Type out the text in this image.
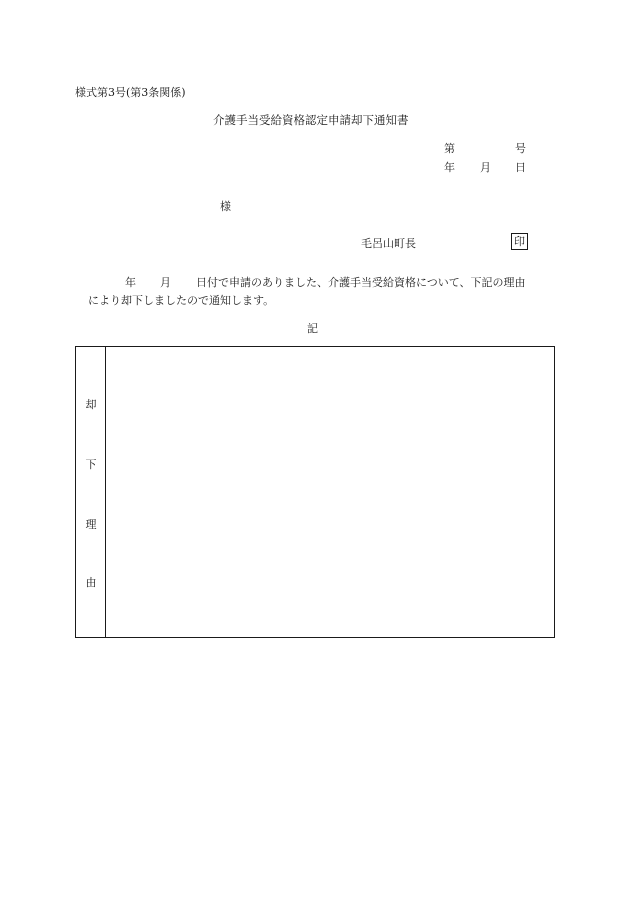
様式第3号(第3条関係)
介護手当受給資格認定申請却下通知書
第	号
年 月 日
様
毛呂山町長	印
年 月 日付で申請のありました、介護手当受給資格について、下記の理由
により却下しましたので通知します。
記
却
下
理
由
